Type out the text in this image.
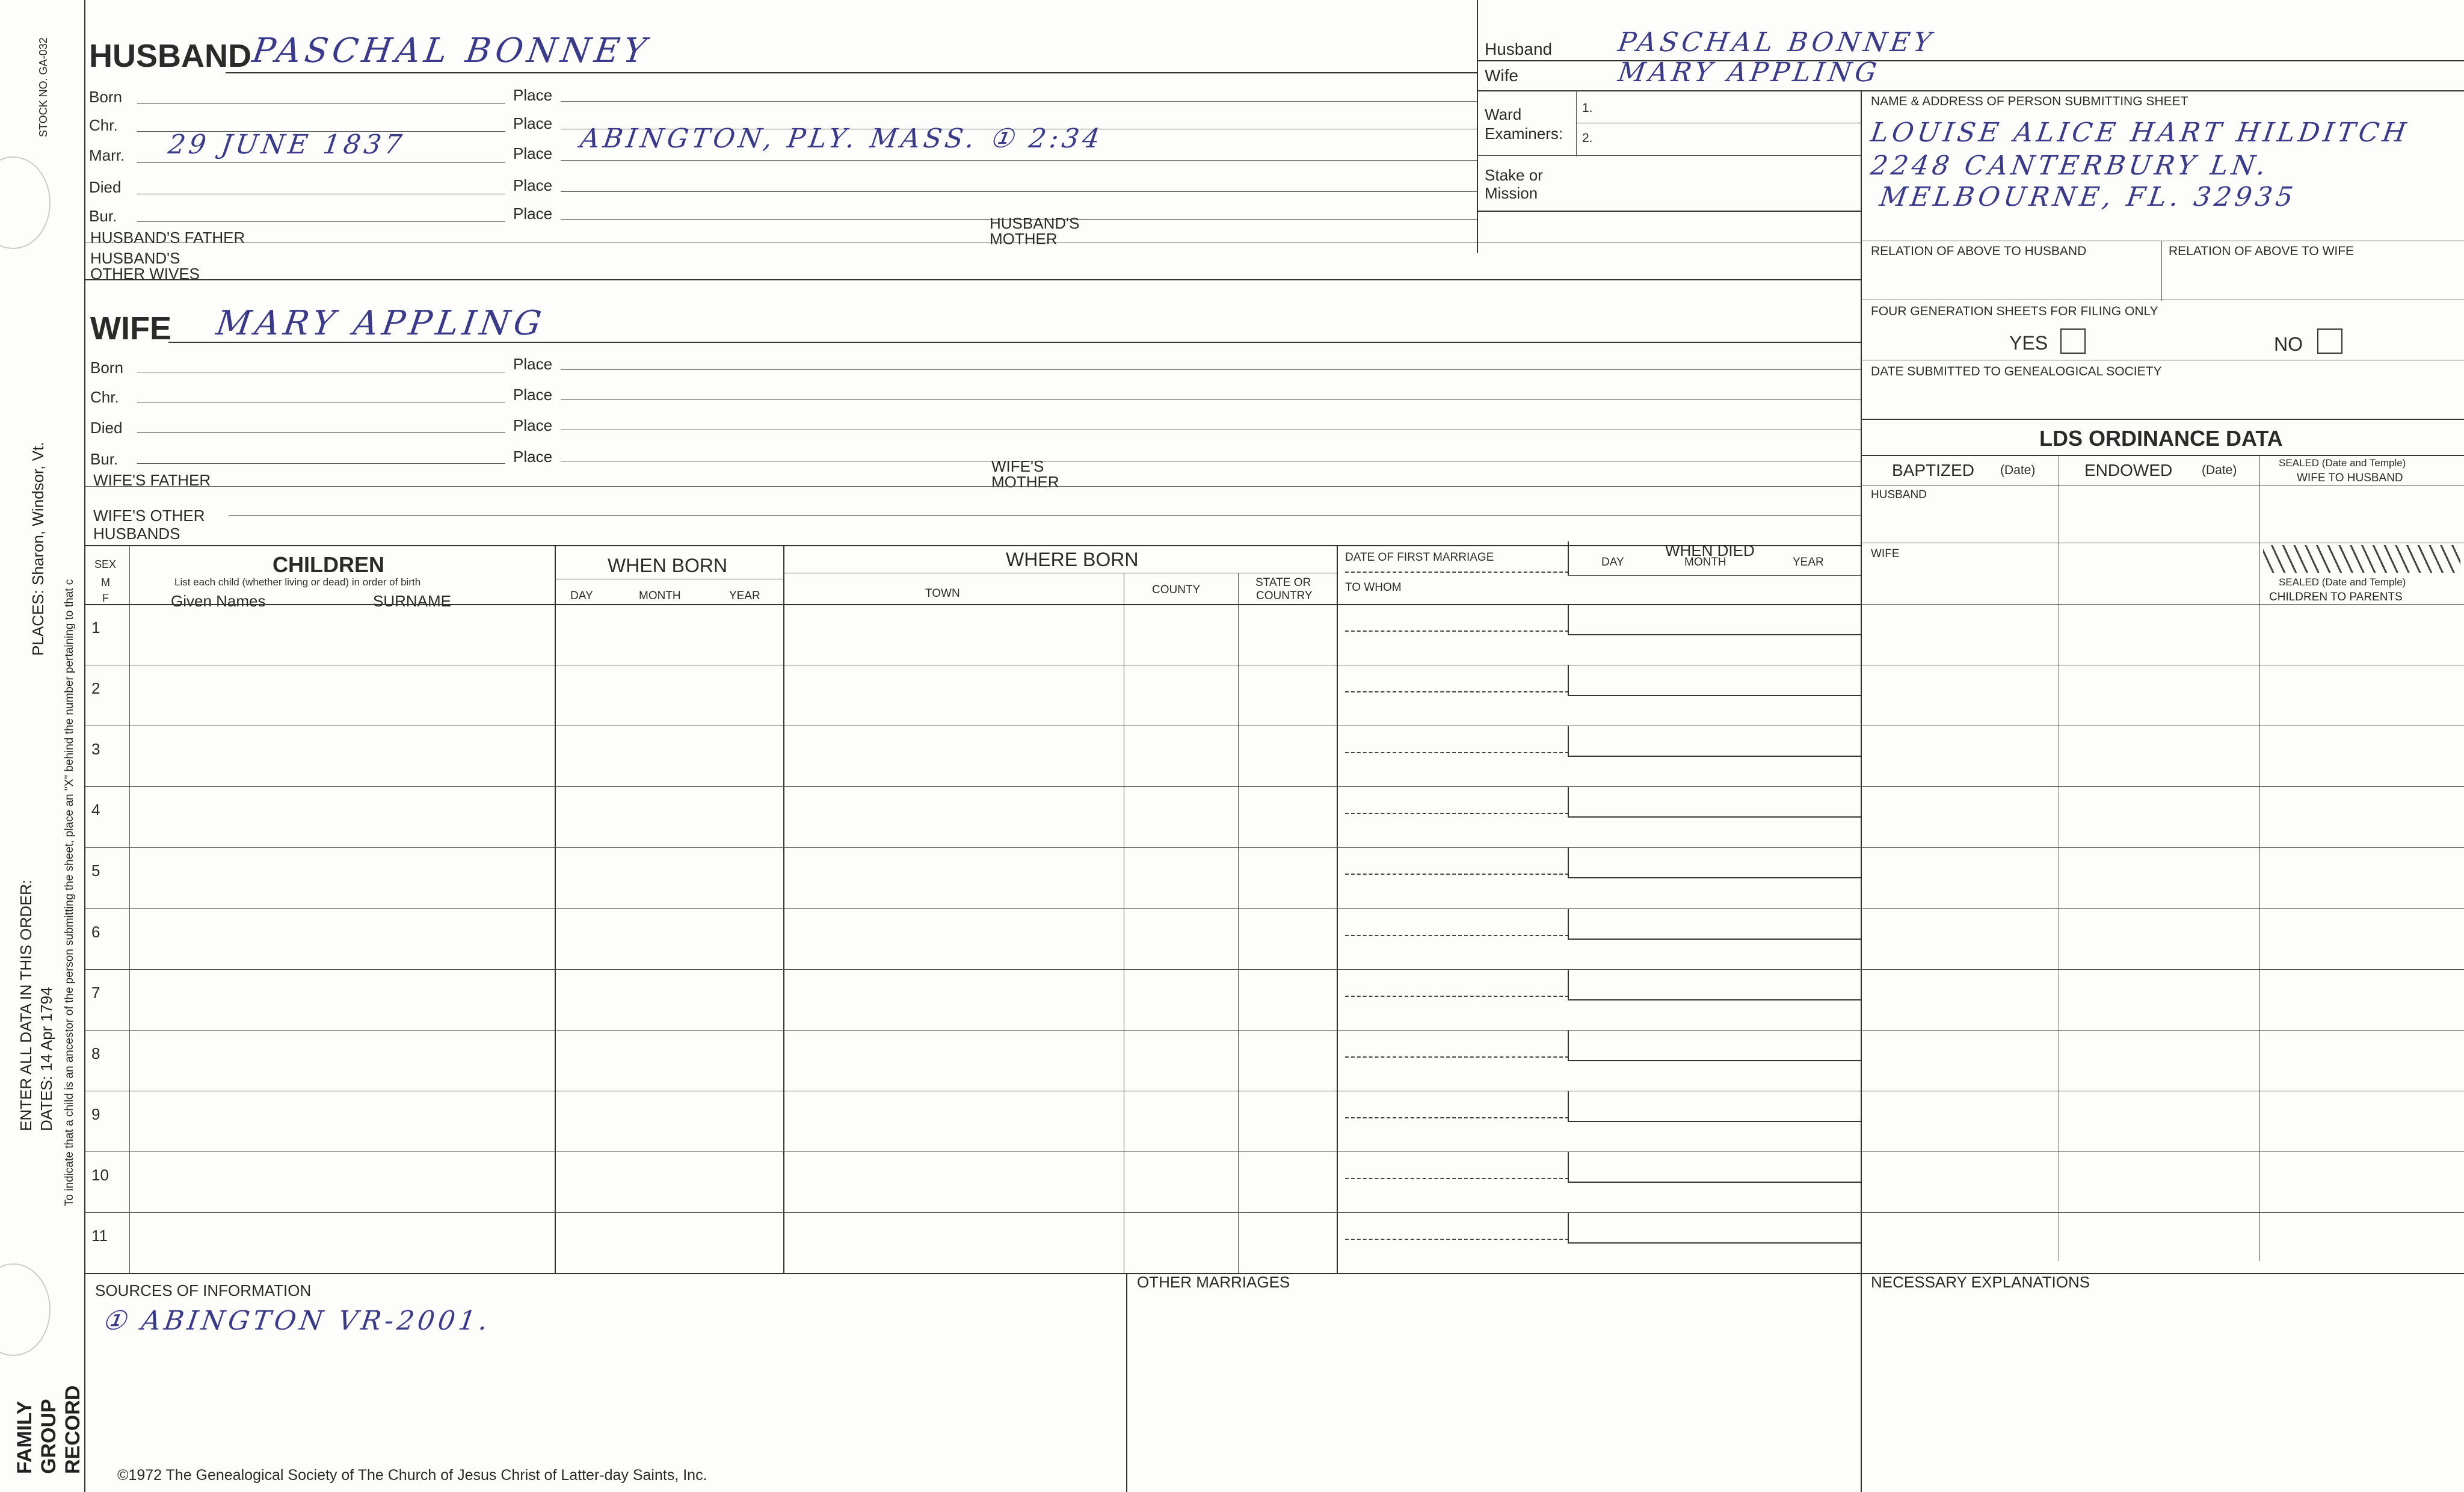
STOCK NO. GA-032
PLACES: Sharon, Windsor, Vt.
ENTER ALL DATA IN THIS ORDER: DATES: 14 Apr 1794 To indicate that a child is an ancestor of the person submitting the sheet, place an "X" behind the number pertaining to that c
FAMILY GROUP RECORD
HUSBAND
PASCHAL BONNEY
Born	Place
Chr.	Place
Marr. 29 JUNE 1837	Place ABINGTON, PLY. MASS. ① 2:34
Died	Place
Bur.	Place
HUSBAND'S FATHER
HUSBAND'S
MOTHER
HUSBAND'S
OTHER WIVES
WIFE MARY APPLING
Born	Place
Chr.	Place
Died	Place
Bur.	Place
WIFE'S FATHER
WIFE'S
MOTHER
WIFE'S OTHER
HUSBANDS
Husband PASCHAL BONNEY
Wife	MARY APPLING
Ward
Examiners:
1.
2.
Stake or
Mission
NAME & ADDRESS OF PERSON SUBMITTING SHEET
LOUISE ALICE HART HILDITCH
2248 CANTERBURY LN.
MELBOURNE, FL. 32935
RELATION OF ABOVE TO HUSBAND	RELATION OF ABOVE TO WIFE
FOUR GENERATION SHEETS FOR FILING ONLY
YES	NO
DATE SUBMITTED TO GENEALOGICAL SOCIETY
LDS ORDINANCE DATA
BAPTIZED (Date)	ENDOWED (Date)
SEALED (Date and Temple)
WIFE TO HUSBAND
HUSBAND
WIFE
SEALED (Date and Temple)
CHILDREN TO PARENTS
SEX
M
F
CHILDREN
List each child (whether living or dead) in order of birth
Given Names	SURNAME
WHEN BORN
DAY	MONTH	YEAR
WHERE BORN
TOWN	COUNTY
STATE OR
COUNTRY
DATE OF FIRST MARRIAGE
TO WHOM
WHEN DIED
DAY	MONTH	YEAR
1
2
3
4
5
6
7
8
9
10
11
SOURCES OF INFORMATION
① ABINGTON VR-2001.
OTHER MARRIAGES	NECESSARY EXPLANATIONS
©1972 The Genealogical Society of The Church of Jesus Christ of Latter-day Saints, Inc.
